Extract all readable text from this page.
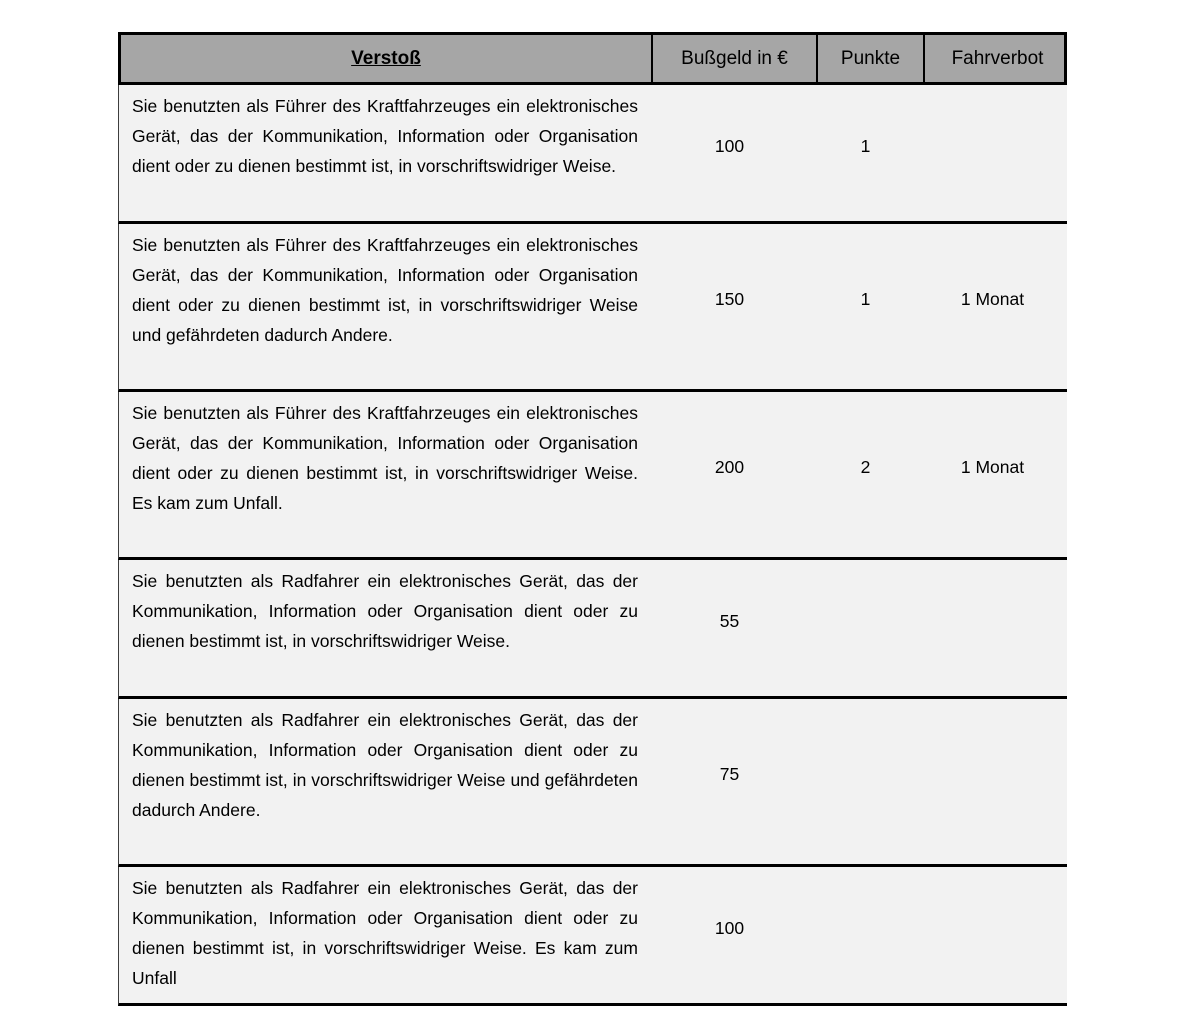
Verstoß	Bußgeld in €	Punkte	Fahrverbot
Sie benutzten als Führer des Kraftfahrzeuges ein elektronisches Gerät, das der Kommunikation, Information oder Organisation dient oder zu dienen bestimmt ist, in vorschriftswidriger Weise.
100	1
Sie benutzten als Führer des Kraftfahrzeuges ein elektronisches Gerät, das der Kommunikation, Information oder Organisation dient oder zu dienen bestimmt ist, in vorschriftswidriger Weise und gefährdeten dadurch Andere.
150	1	1 Monat
Sie benutzten als Führer des Kraftfahrzeuges ein elektronisches Gerät, das der Kommunikation, Information oder Organisation dient oder zu dienen bestimmt ist, in vorschriftswidriger Weise. Es kam zum Unfall.
200	2	1 Monat
Sie benutzten als Radfahrer ein elektronisches Gerät, das der Kommunikation, Information oder Organisation dient oder zu dienen bestimmt ist, in vorschriftswidriger Weise.
55
Sie benutzten als Radfahrer ein elektronisches Gerät, das der Kommunikation, Information oder Organisation dient oder zu dienen bestimmt ist, in vorschriftswidriger Weise und gefährdeten dadurch Andere.
75
Sie benutzten als Radfahrer ein elektronisches Gerät, das der Kommunikation, Information oder Organisation dient oder zu dienen bestimmt ist, in vorschriftswidriger Weise. Es kam zum Unfall
100
